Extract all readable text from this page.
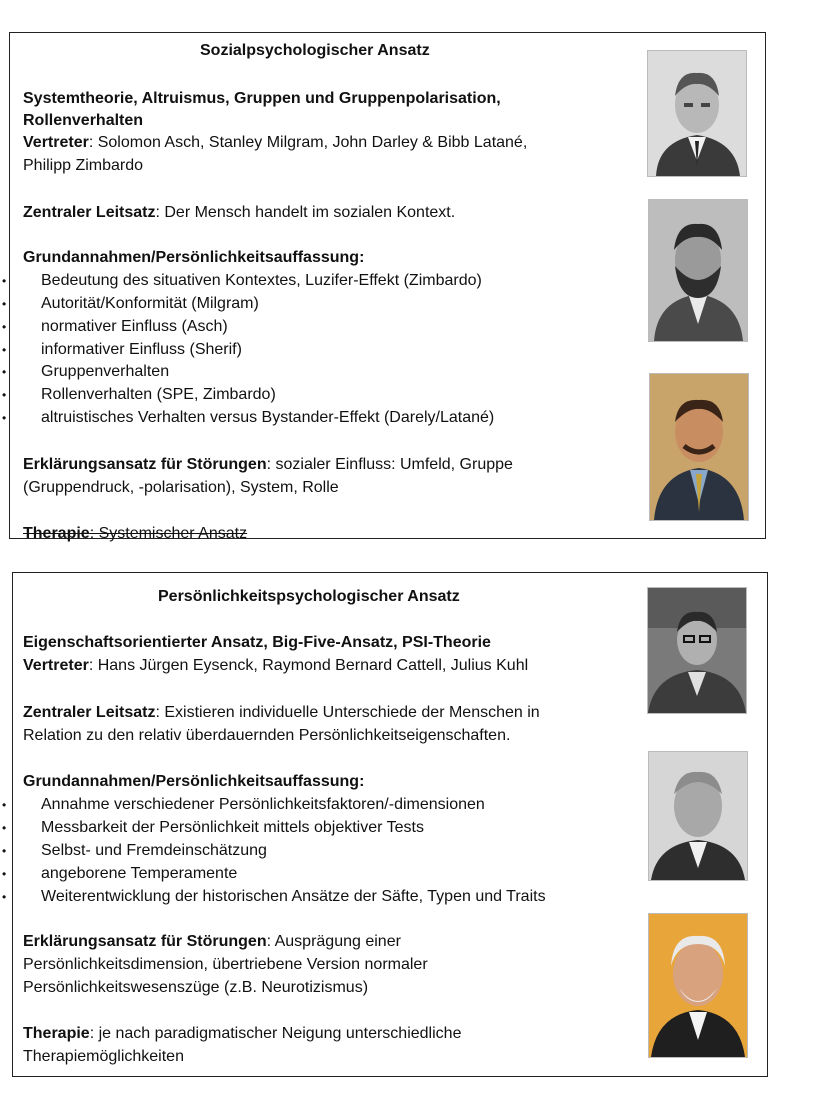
Sozialpsychologischer Ansatz
Systemtheorie, Altruismus, Gruppen und Gruppenpolarisation,
Rollenverhalten
Vertreter: Solomon Asch, Stanley Milgram, John Darley & Bibb Latané,
Philipp Zimbardo
Zentraler Leitsatz: Der Mensch handelt im sozialen Kontext.
Grundannahmen/Persönlichkeitsauffassung:
Bedeutung des situativen Kontextes, Luzifer-Effekt (Zimbardo)
Autorität/Konformität (Milgram)
normativer Einfluss (Asch)
informativer Einfluss (Sherif)
Gruppenverhalten
Rollenverhalten (SPE, Zimbardo)
altruistisches Verhalten versus Bystander-Effekt (Darely/Latané)
Erklärungsansatz für Störungen: sozialer Einfluss: Umfeld, Gruppe
(Gruppendruck, -polarisation), System, Rolle
Therapie: Systemischer Ansatz
Persönlichkeitspsychologischer Ansatz
Eigenschaftsorientierter Ansatz, Big-Five-Ansatz, PSI-Theorie
Vertreter: Hans Jürgen Eysenck, Raymond Bernard Cattell, Julius Kuhl
Zentraler Leitsatz: Existieren individuelle Unterschiede der Menschen in
Relation zu den relativ überdauernden Persönlichkeitseigenschaften.
Grundannahmen/Persönlichkeitsauffassung:
Annahme verschiedener Persönlichkeitsfaktoren/-dimensionen
Messbarkeit der Persönlichkeit mittels objektiver Tests
Selbst- und Fremdeinschätzung
angeborene Temperamente
Weiterentwicklung der historischen Ansätze der Säfte, Typen und Traits
Erklärungsansatz für Störungen: Ausprägung einer
Persönlichkeitsdimension, übertriebene Version normaler
Persönlichkeitswesenszüge (z.B. Neurotizismus)
Therapie: je nach paradigmatischer Neigung unterschiedliche
Therapiemöglichkeiten
•
•
•
•
•
•
•
•
•
•
•
•
